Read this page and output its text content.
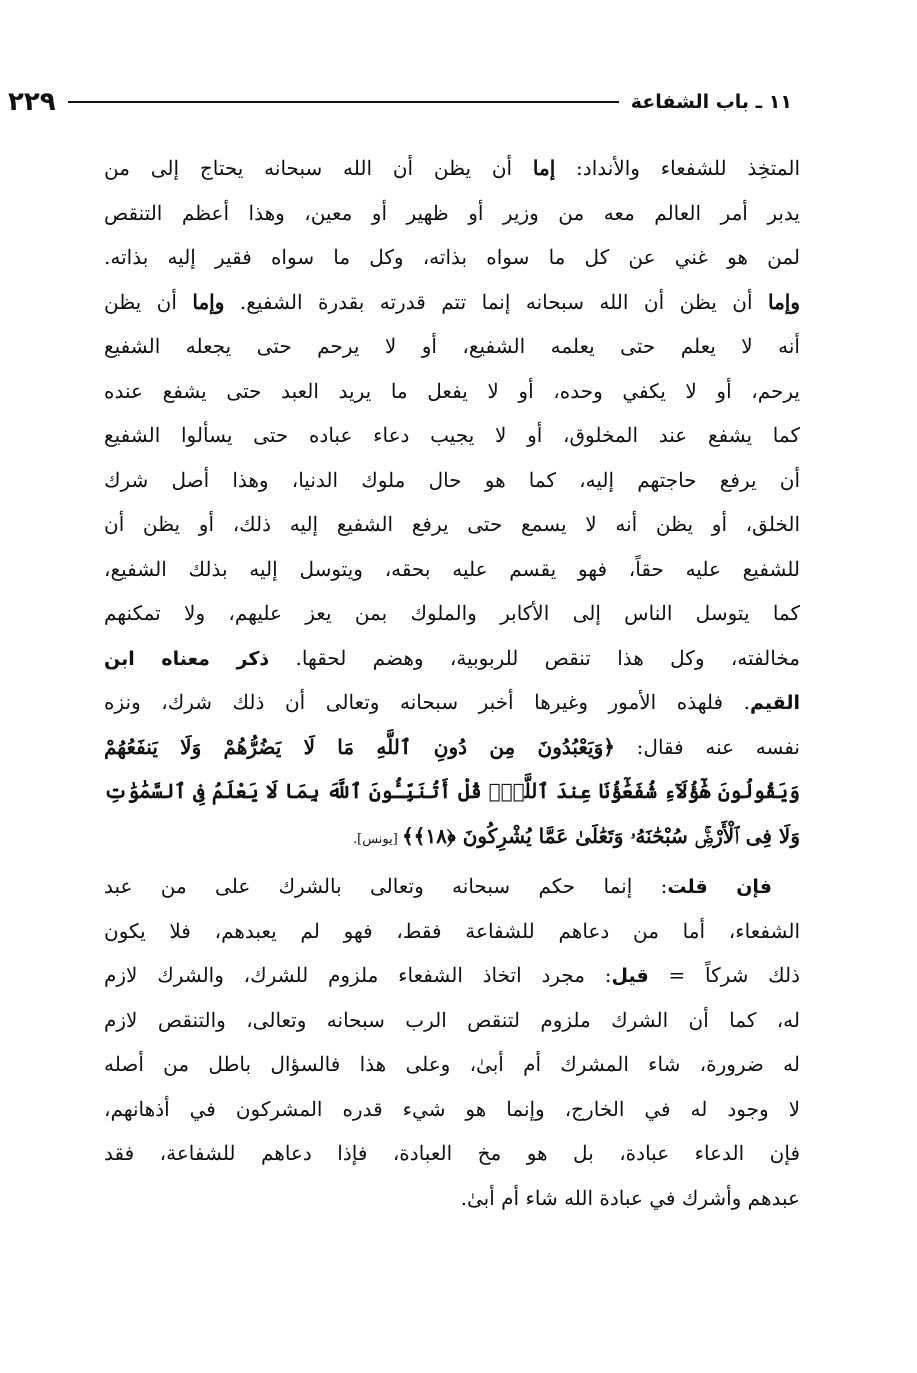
١١ ـ باب الشفاعة
٢٢٩
المتخِذ للشفعاء والأنداد: إما أن يظن أن الله سبحانه يحتاج إلى من
يدبر أمر العالم معه من وزير أو ظهير أو معين، وهذا أعظم التنقص
لمن هو غني عن كل ما سواه بذاته، وكل ما سواه فقير إليه بذاته.
وإما أن يظن أن الله سبحانه إنما تتم قدرته بقدرة الشفيع. وإما أن يظن
أنه لا يعلم حتى يعلمه الشفيع، أو لا يرحم حتى يجعله الشفيع
يرحم، أو لا يكفي وحده، أو لا يفعل ما يريد العبد حتى يشفع عنده
كما يشفع عند المخلوق، أو لا يجيب دعاء عباده حتى يسألوا الشفيع
أن يرفع حاجتهم إليه، كما هو حال ملوك الدنيا، وهذا أصل شرك
الخلق، أو يظن أنه لا يسمع حتى يرفع الشفيع إليه ذلك، أو يظن أن
للشفيع عليه حقاً، فهو يقسم عليه بحقه، ويتوسل إليه بذلك الشفيع،
كما يتوسل الناس إلى الأكابر والملوك بمن يعز عليهم، ولا تمكنهم
مخالفته، وكل هذا تنقص للربوبية، وهضم لحقها. ذكر معناه ابن
القيم. فلهذه الأمور وغيرها أخبر سبحانه وتعالى أن ذلك شرك، ونزه
نفسه عنه فقال: ﴿وَيَعْبُدُونَ مِن دُونِ ٱللَّهِ مَا لَا يَضُرُّهُمْ وَلَا يَنفَعُهُمْ
وَيَقُولُونَ هَٰٓؤُلَآءِ شُفَعَٰٓؤُنَا عِندَ ٱللَّهِۚ قُلْ أَتُنَبِّـُٔونَ ٱللَّهَ بِمَا لَا يَعْلَمُ فِى ٱلسَّمَٰوَٰتِ
وَلَا فِى ٱلْأَرْضِۚ سُبْحَٰنَهُۥ وَتَعَٰلَىٰ عَمَّا يُشْرِكُونَ ﴿١٨﴾﴾ [يونس].
فإن قلت: إنما حكم سبحانه وتعالى بالشرك على من عبد
الشفعاء، أما من دعاهم للشفاعة فقط، فهو لم يعبدهم، فلا يكون
ذلك شركاً = قيل: مجرد اتخاذ الشفعاء ملزوم للشرك، والشرك لازم
له، كما أن الشرك ملزوم لتنقص الرب سبحانه وتعالى، والتنقص لازم
له ضرورة، شاء المشرك أم أبىٰ، وعلى هذا فالسؤال باطل من أصله
لا وجود له في الخارج، وإنما هو شيء قدره المشركون في أذهانهم،
فإن الدعاء عبادة، بل هو مخ العبادة، فإذا دعاهم للشفاعة، فقد
عبدهم وأشرك في عبادة الله شاء أم أبىٰ.
